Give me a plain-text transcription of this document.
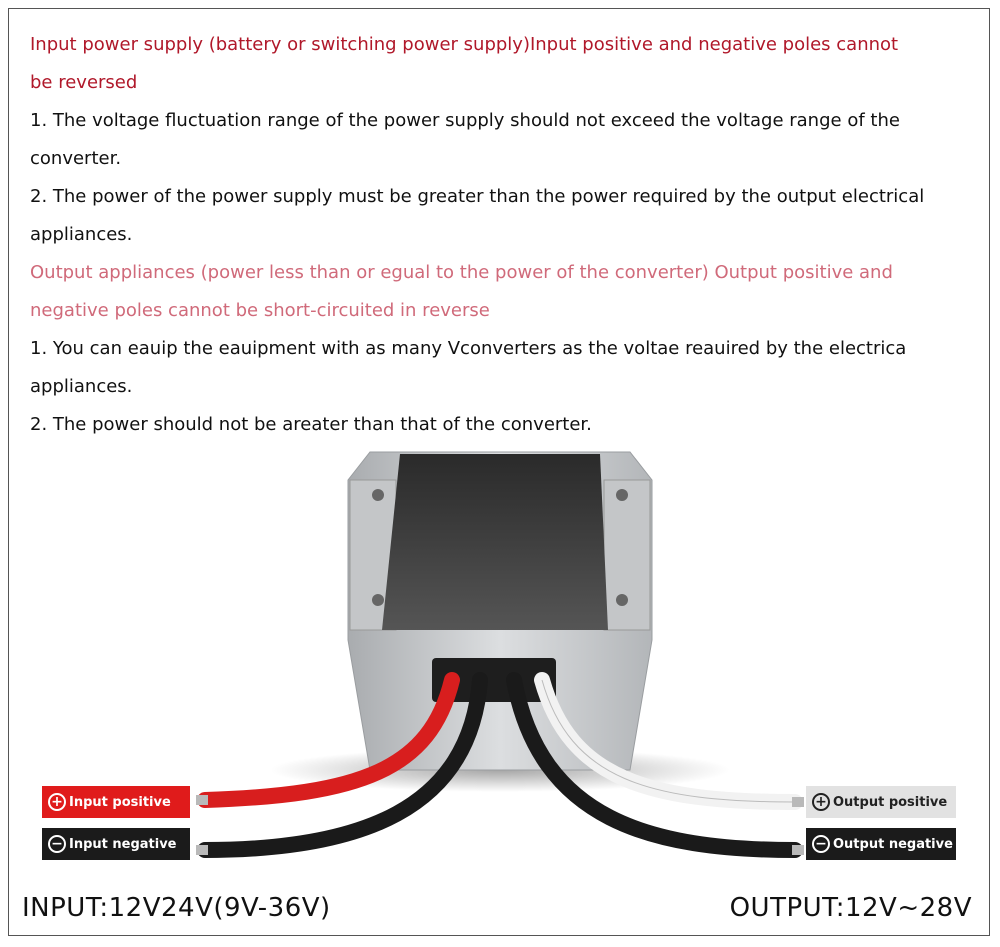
Input power supply (battery or switching power supply)Input positive and negative poles cannot
be reversed
1. The voltage fluctuation range of the power supply should not exceed the voltage range of the
converter.
2. The power of the power supply must be greater than the power required by the output electrical
appliances.
Output appliances (power less than or egual to the power of the converter) Output positive and
negative poles cannot be short-circuited in reverse
1. You can eauip the eauipment with as many Vconverters as the voltae reauired by the electrica
appliances.
2. The power should not be areater than that of the converter.
+ Input positive
− Input negative
+ Output positive
− Output negative
INPUT:12V24V(9V-36V)	OUTPUT:12V~28V
